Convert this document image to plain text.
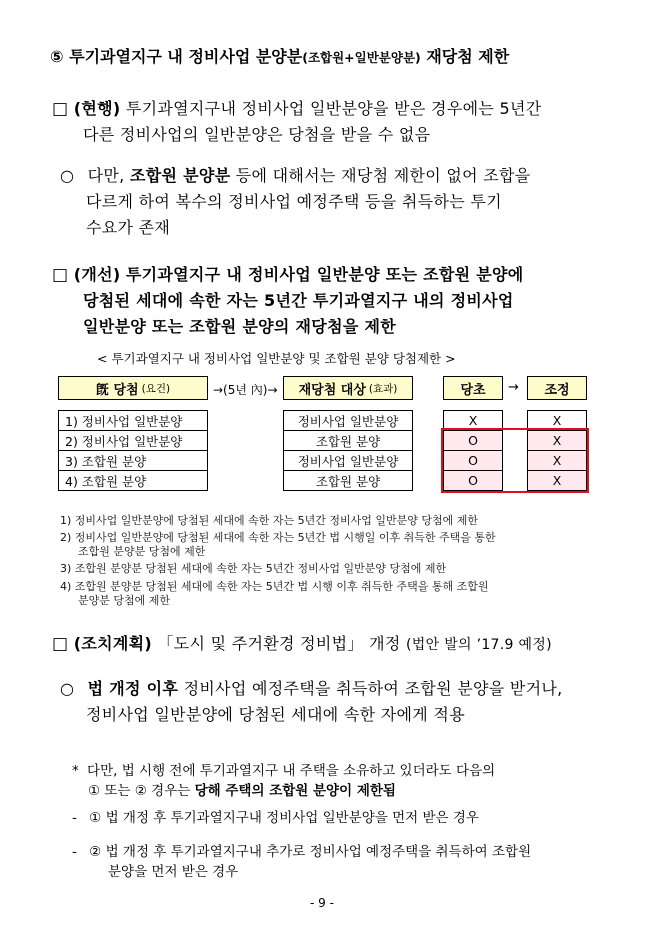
⑤ 투기과열지구 내 정비사업 분양분(조합원+일반분양분) 재당첨 제한
□ (현행) 투기과열지구내 정비사업 일반분양을 받은 경우에는 5년간
다른 정비사업의 일반분양은 당첨을 받을 수 없음
○ 다만, 조합원 분양분 등에 대해서는 재당첨 제한이 없어 조합을
다르게 하여 복수의 정비사업 예정주택 등을 취득하는 투기
수요가 존재
□ (개선) 투기과열지구 내 정비사업 일반분양 또는 조합원 분양에
당첨된 세대에 속한 자는 5년간 투기과열지구 내의 정비사업
일반분양 또는 조합원 분양의 재당첨을 제한
< 투기과열지구 내 정비사업 일반분양 및 조합원 분양 당첨제한 >
旣 당첨 (요건)	→(5년 內)→ 재당첨 대상 (효과)	당초 → 조정
1) 정비사업 일반분양
2) 정비사업 일반분양
3) 조합원 분양
4) 조합원 분양
정비사업 일반분양
조합원 분양
정비사업 일반분양
조합원 분양
X
O
O
O
X
X
X
X
1) 정비사업 일반분양에 당첨된 세대에 속한 자는 5년간 정비사업 일반분양 당첨에 제한
2) 정비사업 일반분양에 당첨된 세대에 속한 자는 5년간 법 시행일 이후 취득한 주택을 통한
조합원 분양분 당첨에 제한
3) 조합원 분양분 당첨된 세대에 속한 자는 5년간 정비사업 일반분양 당첨에 제한
4) 조합원 분양분 당첨된 세대에 속한 자는 5년간 법 시행 이후 취득한 주택을 통해 조합원
분양분 당첨에 제한
□ (조치계획) 「도시 및 주거환경 정비법」 개정 (법안 발의 ’17.9 예정)
○ 법 개정 이후 정비사업 예정주택을 취득하여 조합원 분양을 받거나,
정비사업 일반분양에 당첨된 세대에 속한 자에게 적용
* 다만, 법 시행 전에 투기과열지구 내 주택을 소유하고 있더라도 다음의
① 또는 ② 경우는 당해 주택의 조합원 분양이 제한됨
- ① 법 개정 후 투기과열지구내 정비사업 일반분양을 먼저 받은 경우
- ② 법 개정 후 투기과열지구내 추가로 정비사업 예정주택을 취득하여 조합원
분양을 먼저 받은 경우
- 9 -
